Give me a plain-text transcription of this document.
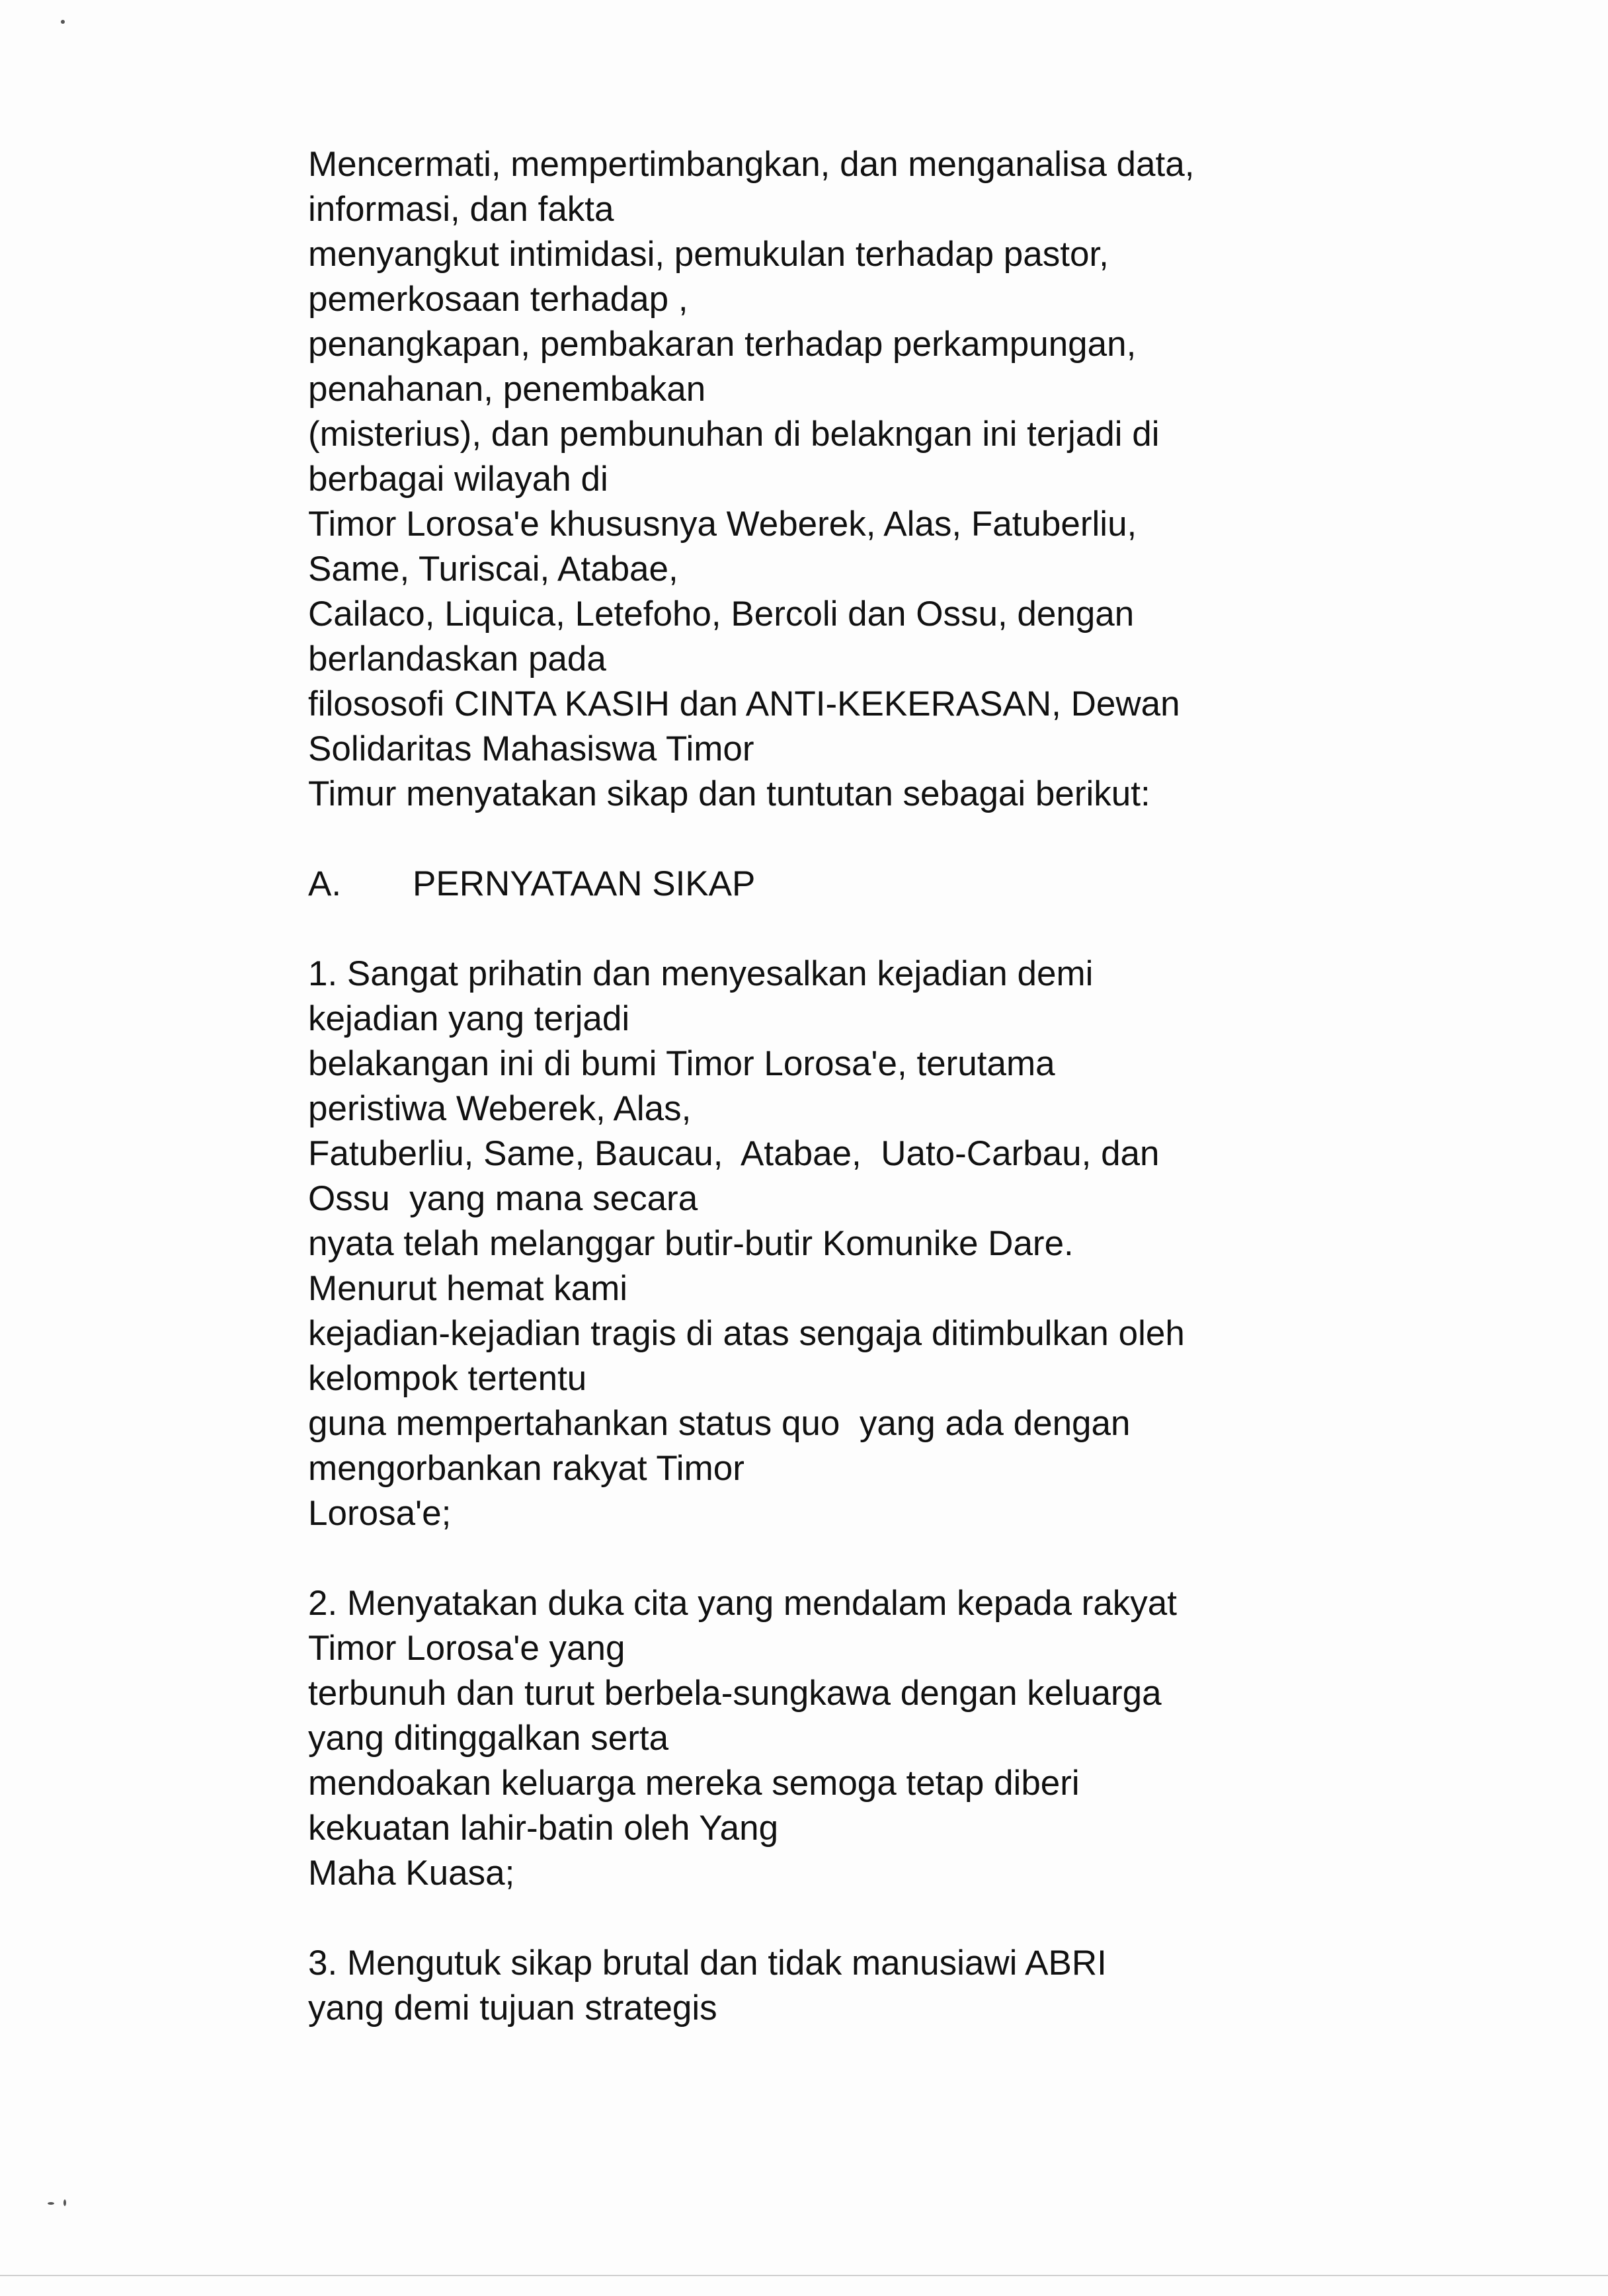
Mencermati, mempertimbangkan, dan menganalisa data,
informasi, dan fakta
menyangkut intimidasi, pemukulan terhadap pastor,
pemerkosaan terhadap ,
penangkapan, pembakaran terhadap perkampungan,
penahanan, penembakan
(misterius), dan pembunuhan di belakngan ini terjadi di
berbagai wilayah di
Timor Lorosa'e khususnya Weberek, Alas, Fatuberliu,
Same, Turiscai, Atabae,
Cailaco, Liquica, Letefoho, Bercoli dan Ossu, dengan
berlandaskan pada
filososofi CINTA KASIH dan ANTI-KEKERASAN, Dewan
Solidaritas Mahasiswa Timor
Timur menyatakan sikap dan tuntutan sebagai berikut:
A.	PERNYATAAN SIKAP
1. Sangat prihatin dan menyesalkan kejadian demi
kejadian yang terjadi
belakangan ini di bumi Timor Lorosa'e, terutama
peristiwa Weberek, Alas,
Fatuberliu, Same, Baucau,  Atabae,  Uato-Carbau, dan
Ossu  yang mana secara
nyata telah melanggar butir-butir Komunike Dare.
Menurut hemat kami
kejadian-kejadian tragis di atas sengaja ditimbulkan oleh
kelompok tertentu
guna mempertahankan status quo  yang ada dengan
mengorbankan rakyat Timor
Lorosa'e;
2. Menyatakan duka cita yang mendalam kepada rakyat
Timor Lorosa'e yang
terbunuh dan turut berbela-sungkawa dengan keluarga
yang ditinggalkan serta
mendoakan keluarga mereka semoga tetap diberi
kekuatan lahir-batin oleh Yang
Maha Kuasa;
3. Mengutuk sikap brutal dan tidak manusiawi ABRI
yang demi tujuan strategis
